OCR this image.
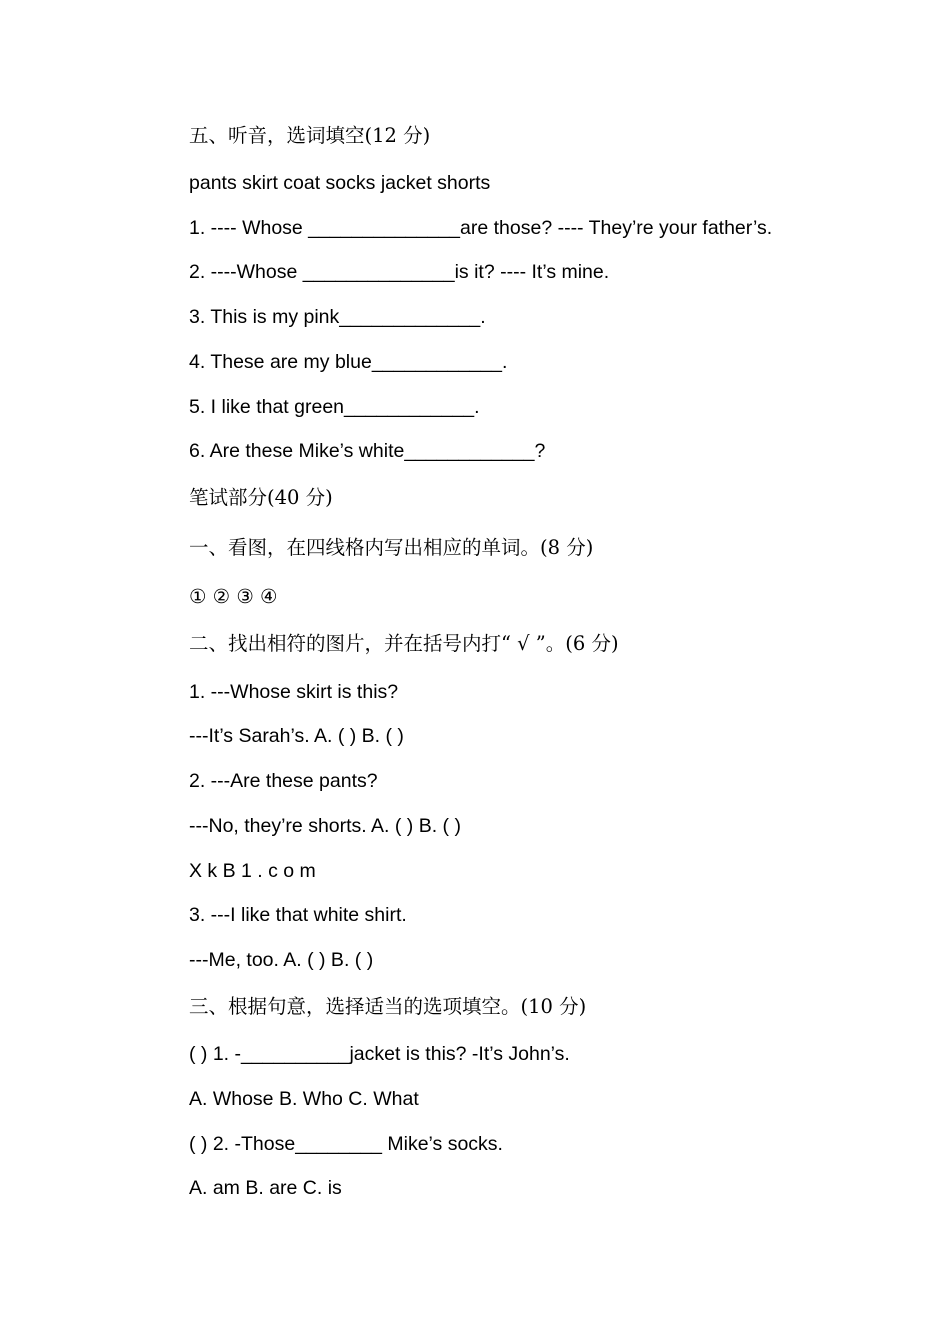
五、听音，选词填空(12 分)
pants skirt coat socks jacket shorts
1. ---- Whose ______________are those? ---- They’re your father’s.
2. ----Whose ______________is it? ---- It’s mine.
3. This is my pink_____________.
4. These are my blue____________.
5. I like that green____________.
6. Are these Mike’s white____________?
笔试部分(40 分)
一、看图，在四线格内写出相应的单词。(8 分)
① ② ③ ④
二、找出相符的图片，并在括号内打“ √ ”。(6 分)
1. ---Whose skirt is this?
---It’s Sarah’s. A. ( ) B. ( )
2. ---Are these pants?
---No, they’re shorts. A. ( ) B. ( )
X k B 1 . c o m
3. ---I like that white shirt.
---Me, too. A. ( ) B. ( )
三、根据句意，选择适当的选项填空。(10 分)
( ) 1. -__________jacket is this? -It’s John’s.
A. Whose B. Who C. What
( ) 2. -Those________ Mike’s socks.
A. am B. are C. is
